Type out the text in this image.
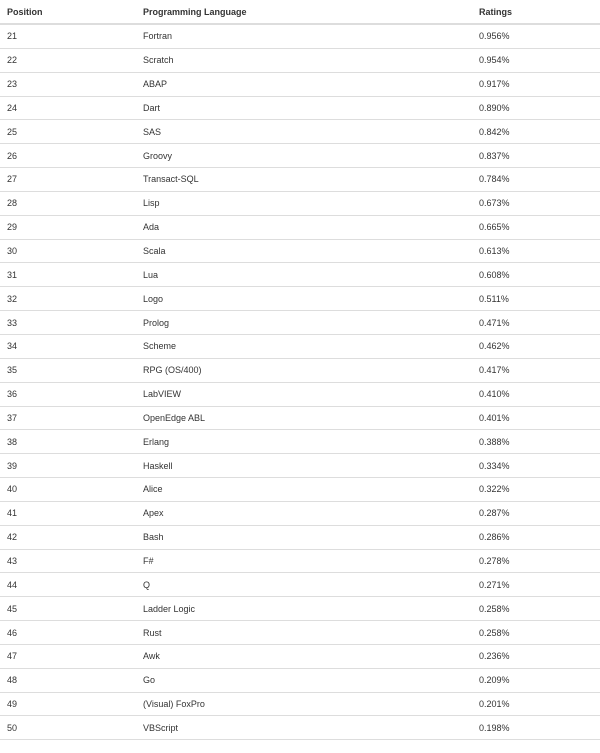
Position	Programming Language	Ratings
21	Fortran	0.956%
22	Scratch	0.954%
23	ABAP	0.917%
24	Dart	0.890%
25	SAS	0.842%
26	Groovy	0.837%
27	Transact-SQL	0.784%
28	Lisp	0.673%
29	Ada	0.665%
30	Scala	0.613%
31	Lua	0.608%
32	Logo	0.511%
33	Prolog	0.471%
34	Scheme	0.462%
35	RPG (OS/400)	0.417%
36	LabVIEW	0.410%
37	OpenEdge ABL	0.401%
38	Erlang	0.388%
39	Haskell	0.334%
40	Alice	0.322%
41	Apex	0.287%
42	Bash	0.286%
43	F#	0.278%
44	Q	0.271%
45	Ladder Logic	0.258%
46	Rust	0.258%
47	Awk	0.236%
48	Go	0.209%
49	(Visual) FoxPro	0.201%
50	VBScript	0.198%
